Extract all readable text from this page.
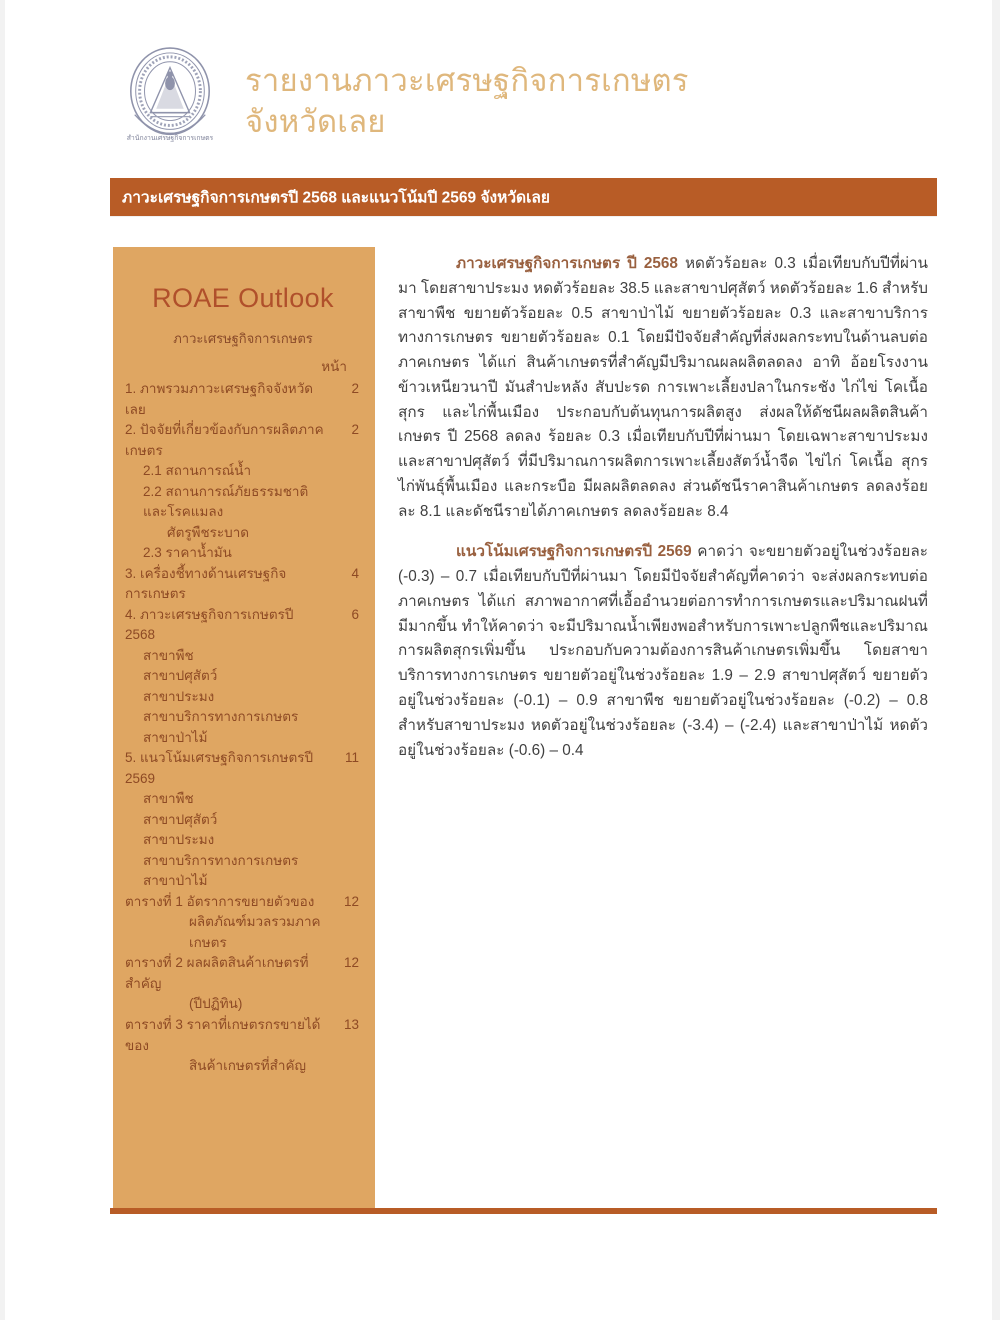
สำนักงานเศรษฐกิจการเกษตร
รายงานภาวะเศรษฐกิจการเกษตร
จังหวัดเลย
ภาวะเศรษฐกิจการเกษตรปี 2568 และแนวโน้มปี 2569 จังหวัดเลย
ROAE Outlook
ภาวะเศรษฐกิจการเกษตร
หน้า
1. ภาพรวมภาวะเศรษฐกิจจังหวัดเลย
2
2. ปัจจัยที่เกี่ยวข้องกับการผลิตภาคเกษตร
2
2.1 สถานการณ์น้ำ
2.2 สถานการณ์ภัยธรรมชาติ และโรคแมลง
ศัตรูพืชระบาด
2.3 ราคาน้ำมัน
3. เครื่องชี้ทางด้านเศรษฐกิจการเกษตร
4
4. ภาวะเศรษฐกิจการเกษตรปี 2568
6
สาขาพืช
สาขาปศุสัตว์
สาขาประมง
สาขาบริการทางการเกษตร
สาขาป่าไม้
5. แนวโน้มเศรษฐกิจการเกษตรปี 2569
11
สาขาพืช
สาขาปศุสัตว์
สาขาประมง
สาขาบริการทางการเกษตร
สาขาป่าไม้
ตารางที่ 1 อัตราการขยายตัวของ	12
ผลิตภัณฑ์มวลรวมภาคเกษตร
ตารางที่ 2 ผลผลิตสินค้าเกษตรที่สำคัญ
12
(ปีปฏิทิน)
ตารางที่ 3 ราคาที่เกษตรกรขายได้ของ
13
สินค้าเกษตรที่สำคัญ

ภาวะเศรษฐกิจการเกษตร ปี 2568 หดตัวร้อยละ 0.3 เมื่อเทียบกับปีที่ผ่านมา โดยสาขาประมง หดตัวร้อยละ 38.5 และสาขาปศุสัตว์ หดตัวร้อยละ 1.6 สำหรับสาขาพืช ขยายตัวร้อยละ 0.5 สาขาป่าไม้ ขยายตัวร้อยละ 0.3 และสาขาบริการทางการเกษตร ขยายตัวร้อยละ 0.1 โดยมีปัจจัยสำคัญที่ส่งผลกระทบในด้านลบต่อภาคเกษตร ได้แก่ สินค้าเกษตรที่สำคัญมีปริมาณผลผลิตลดลง อาทิ อ้อยโรงงาน ข้าวเหนียวนาปี มันสำปะหลัง สับปะรด การเพาะเลี้ยงปลาในกระชัง ไก่ไข่ โคเนื้อ สุกร และไก่พื้นเมือง ประกอบกับต้นทุนการผลิตสูง ส่งผลให้ดัชนีผลผลิตสินค้าเกษตร ปี 2568 ลดลง ร้อยละ 0.3 เมื่อเทียบกับปีที่ผ่านมา โดยเฉพาะสาขาประมง และสาขาปศุสัตว์ ที่มีปริมาณการผลิตการเพาะเลี้ยงสัตว์น้ำจืด ไข่ไก่ โคเนื้อ สุกร ไก่พันธุ์พื้นเมือง และกระบือ มีผลผลิตลดลง ส่วนดัชนีราคาสินค้าเกษตร ลดลงร้อยละ 8.1 และดัชนีรายได้ภาคเกษตร ลดลงร้อยละ 8.4

แนวโน้มเศรษฐกิจการเกษตรปี 2569 คาดว่า จะขยายตัวอยู่ในช่วงร้อยละ (-0.3) – 0.7 เมื่อเทียบกับปีที่ผ่านมา โดยมีปัจจัยสำคัญที่คาดว่า จะส่งผลกระทบต่อภาคเกษตร ได้แก่ สภาพอากาศที่เอื้ออำนวยต่อการทำการเกษตรและปริมาณฝนที่มีมากขึ้น ทำให้คาดว่า จะมีปริมาณน้ำเพียงพอสำหรับการเพาะปลูกพืชและปริมาณการผลิตสุกรเพิ่มขึ้น ประกอบกับความต้องการสินค้าเกษตรเพิ่มขึ้น โดยสาขาบริการทางการเกษตร ขยายตัวอยู่ในช่วงร้อยละ 1.9 – 2.9 สาขาปศุสัตว์ ขยายตัวอยู่ในช่วงร้อยละ (-0.1) – 0.9 สาขาพืช ขยายตัวอยู่ในช่วงร้อยละ (-0.2) – 0.8 สำหรับสาขาประมง หดตัวอยู่ในช่วงร้อยละ (-3.4) – (-2.4) และสาขาป่าไม้ หดตัวอยู่ในช่วงร้อยละ (-0.6) – 0.4
